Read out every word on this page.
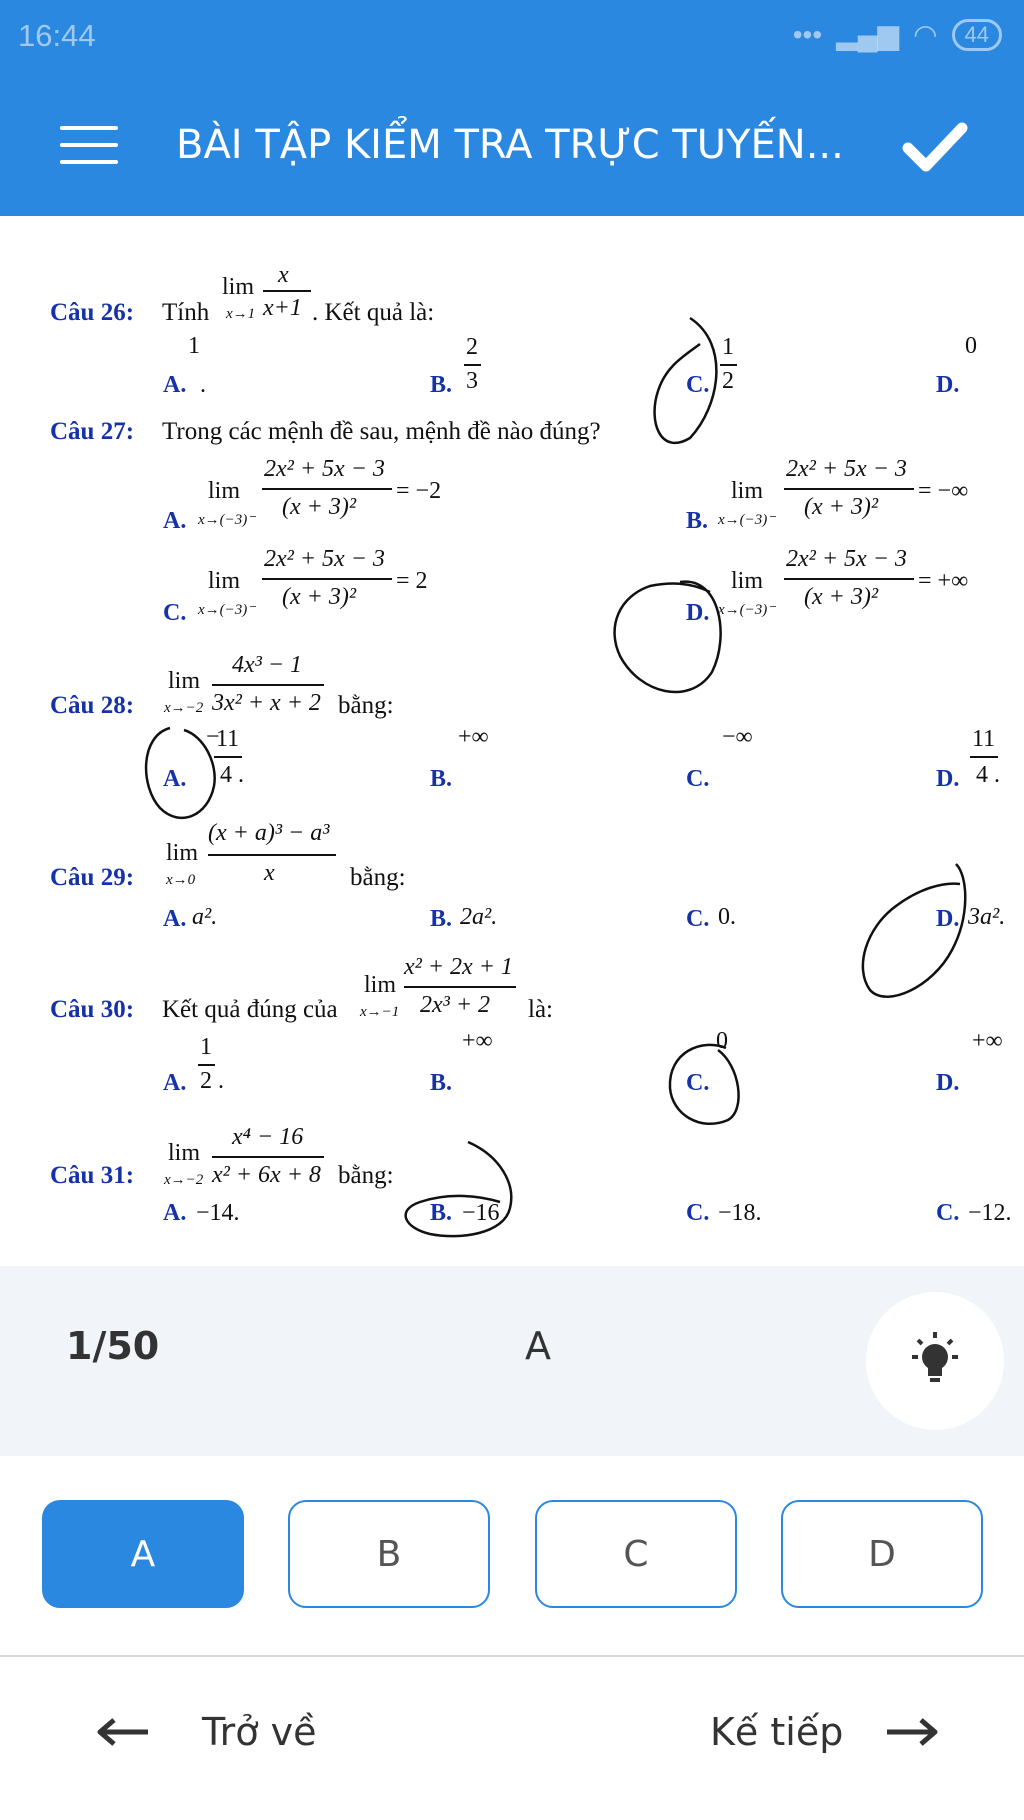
16:44	••• ▂▄▆ ◠	44
BÀI TẬP KIỂM TRA TRỰC TUYẾN...
Câu 26: Tính
lim
x→1
x
x+1 . Kết quả là:
A.
1
.	B.
2
3	C.
1
2	D.
0
Câu 27: Trong các mệnh đề sau, mệnh đề nào đúng?
A.
lim
x→(−3)⁻
2x² + 5x − 3
(x + 3)²
= −2
B.
lim
x→(−3)⁻
2x² + 5x − 3
(x + 3)²
= −∞
C.
lim
x→(−3)⁻
2x² + 5x − 3
(x + 3)²
= 2
D.
lim
x→(−3)⁻
2x² + 5x − 3
(x + 3)²
= +∞
Câu 28:
lim
x→−2
4x³ − 1
3x² + x + 2 bằng:
A.
−
11
4 .	B.
+∞
C.
−∞
D.
11
4 .
Câu 29:
lim
x→0
(x + a)³ − a³
x	bằng:
A. a².	B. 2a².	C. 0.	D. 3a².
Câu 30: Kết quả đúng của
lim
x→−1
x² + 2x + 1
2x³ + 2 là:
A.
1
2 .	B.
+∞
C.
0
D.
+∞
Câu 31:
lim
x→−2
x⁴ − 16
x² + 6x + 8 bằng:
A. −14.	B. −16	C. −18.	C. −12.
1/50	A
A	B	C	D
Trở về	Kế tiếp
